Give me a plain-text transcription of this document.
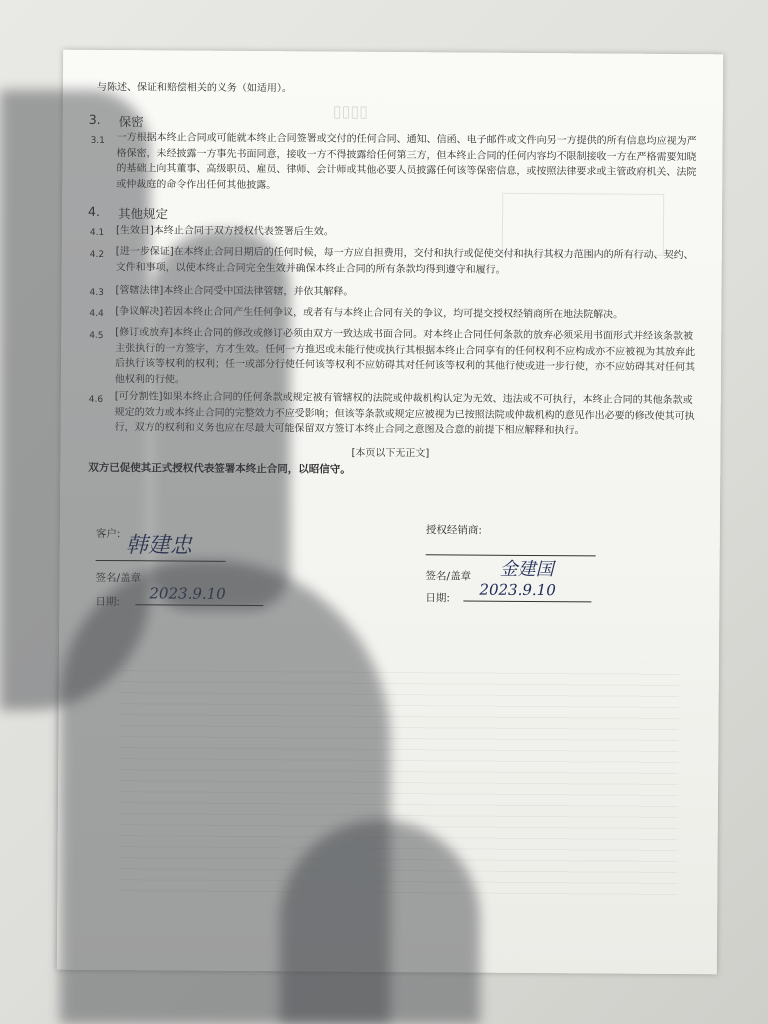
▯▯▯▯
与陈述、保证和赔偿相关的义务（如适用）。
3. 保密
3.1	一方根据本终止合同或可能就本终止合同签署或交付的任何合同、通知、信函、电子邮件或文件向另一方提供的所有信息均应视为严格保密，未经披露一方事先书面同意，接收一方不得披露给任何第三方，但本终止合同的任何内容均不限制接收一方在严格需要知晓的基础上向其董事、高级职员、雇员、律师、会计师或其他必要人员披露任何该等保密信息，或按照法律要求或主管政府机关、法院或仲裁庭的命令作出任何其他披露。
4. 其他规定
4.1	[生效日]本终止合同于双方授权代表签署后生效。
4.2	[进一步保证]在本终止合同日期后的任何时候，每一方应自担费用，交付和执行或促使交付和执行其权力范围内的所有行动、契约、文件和事项，以使本终止合同完全生效并确保本终止合同的所有条款均得到遵守和履行。
4.3	[管辖法律]本终止合同受中国法律管辖，并依其解释。
4.4	[争议解决]若因本终止合同产生任何争议，或者有与本终止合同有关的争议，均可提交授权经销商所在地法院解决。
4.5	[修订或放弃]本终止合同的修改或修订必须由双方一致达成书面合同。对本终止合同任何条款的放弃必须采用书面形式并经该条款被主张执行的一方签字，方才生效。任何一方推迟或未能行使或执行其根据本终止合同享有的任何权利不应构成亦不应被视为其放弃此后执行该等权利的权利；任一或部分行使任何该等权利不应妨碍其对任何该等权利的其他行使或进一步行使，亦不应妨碍其对任何其他权利的行使。
4.6	[可分割性]如果本终止合同的任何条款或规定被有管辖权的法院或仲裁机构认定为无效、违法或不可执行，本终止合同的其他条款或规定的效力或本终止合同的完整效力不应受影响；但该等条款或规定应被视为已按照法院或仲裁机构的意见作出必要的修改使其可执行，双方的权利和义务也应在尽最大可能保留双方签订本终止合同之意图及合意的前提下相应解释和执行。
[本页以下无正文]
双方已促使其正式授权代表签署本终止合同，以昭信守。
客户: 韩建忠
签名/盖章
日期: 2023.9.10
授权经销商:
签名/盖章 金建国
日期: 2023.9.10
